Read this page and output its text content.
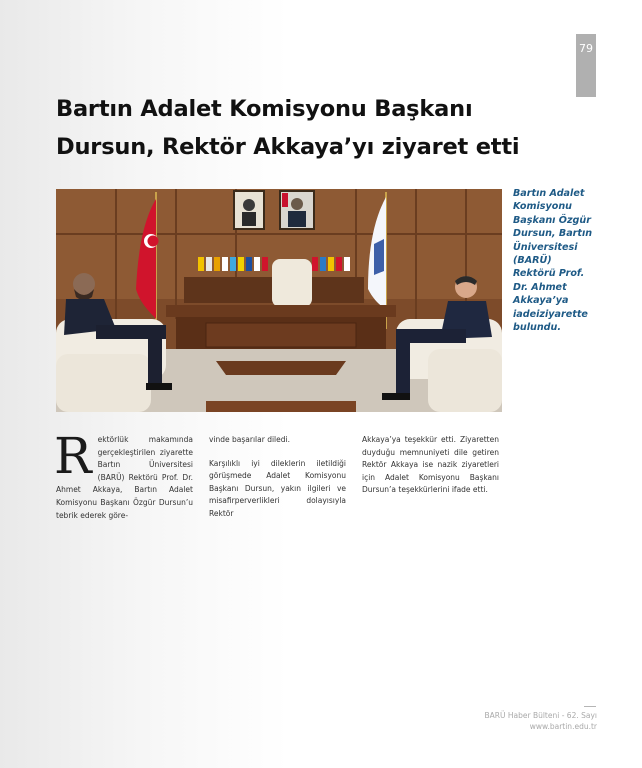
79
Bartın Adalet Komisyonu Başkanı
Dursun, Rektör Akkaya’yı ziyaret etti

Bartın Adalet Komisyonu Başkanı Özgür Dursun, Bartın Üniversitesi (BARÜ) Rektörü Prof. Dr. Ahmet Akkaya’ya iadeiziyarette bulundu.

Rektörlük makamında gerçekleştirilen ziyarette Bartın Üniversitesi (BARÜ) Rektörü Prof. Dr. Ahmet Akkaya, Bartın Adalet Komisyonu Başkanı Özgür Dursun’u tebrik ederek göre-

vinde başarılar diledi.

Karşılıklı iyi dileklerin iletildiği görüşmede Adalet Komisyonu Başkanı Dursun, yakın ilgileri ve misafirperverlikleri dolayısıyla Rektör

Akkaya’ya teşekkür etti. Ziyaretten duyduğu memnuniyeti dile getiren Rektör Akkaya ise nazik ziyaretleri için Adalet Komisyonu Başkanı Dursun’a teşekkürlerini ifade etti.

BARÜ Haber Bülteni - 62. Sayı
www.bartin.edu.tr
